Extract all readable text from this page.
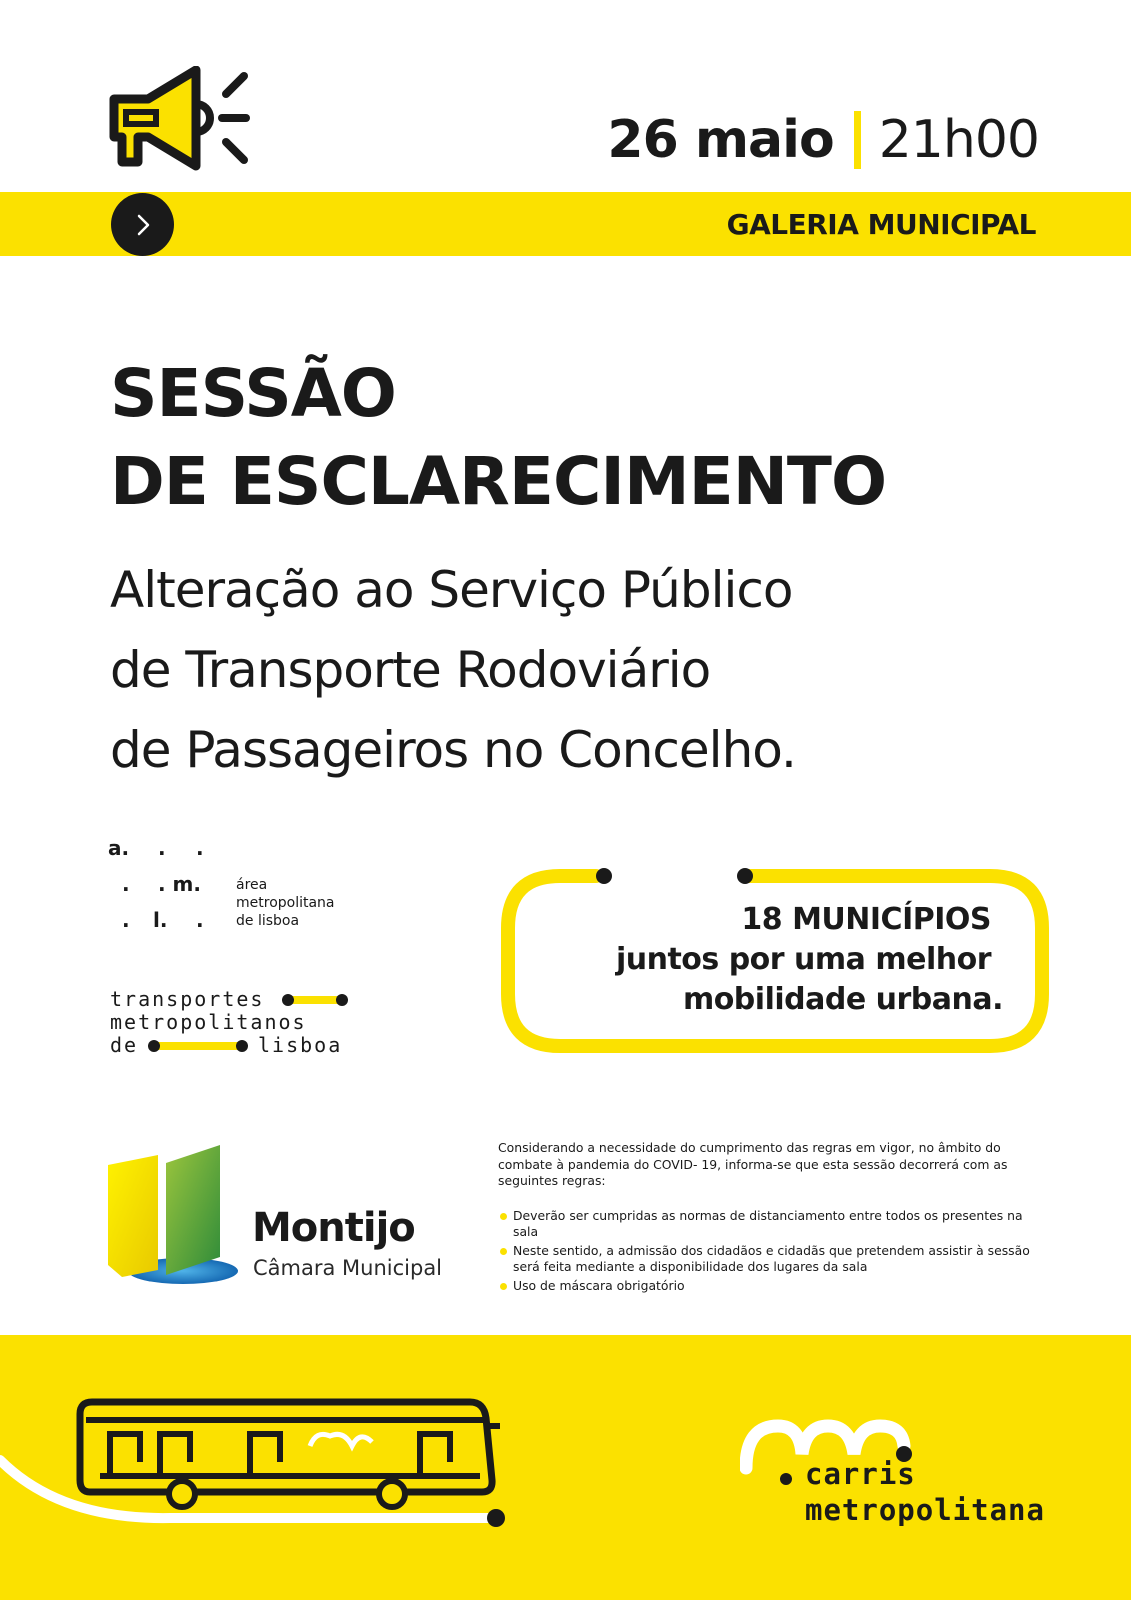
26 maio 21h00
GALERIA MUNICIPAL
SESSÃO
DE ESCLARECIMENTO
Alteração ao Serviço Público
de Transporte Rodoviário
de Passageiros no Concelho.
a. . .
. . m.
. l. .
área
metropolitana
de lisboa
transportes
metropolitanos
de	lisboa
18 MUNICÍPIOS
juntos por uma melhor
mobilidade urbana.
Montijo
Câmara Municipal
Considerando a necessidade do cumprimento das regras em vigor, no âmbito do combate à pandemia do COVID- 19, informa-se que esta sessão decorrerá com as seguintes regras:
Deverão ser cumpridas as normas de distanciamento entre todos os presentes na sala
Neste sentido, a admissão dos cidadãos e cidadãs que pretendem assistir à sessão será feita mediante a disponibilidade dos lugares da sala
Uso de máscara obrigatório
carris
metropolitana
